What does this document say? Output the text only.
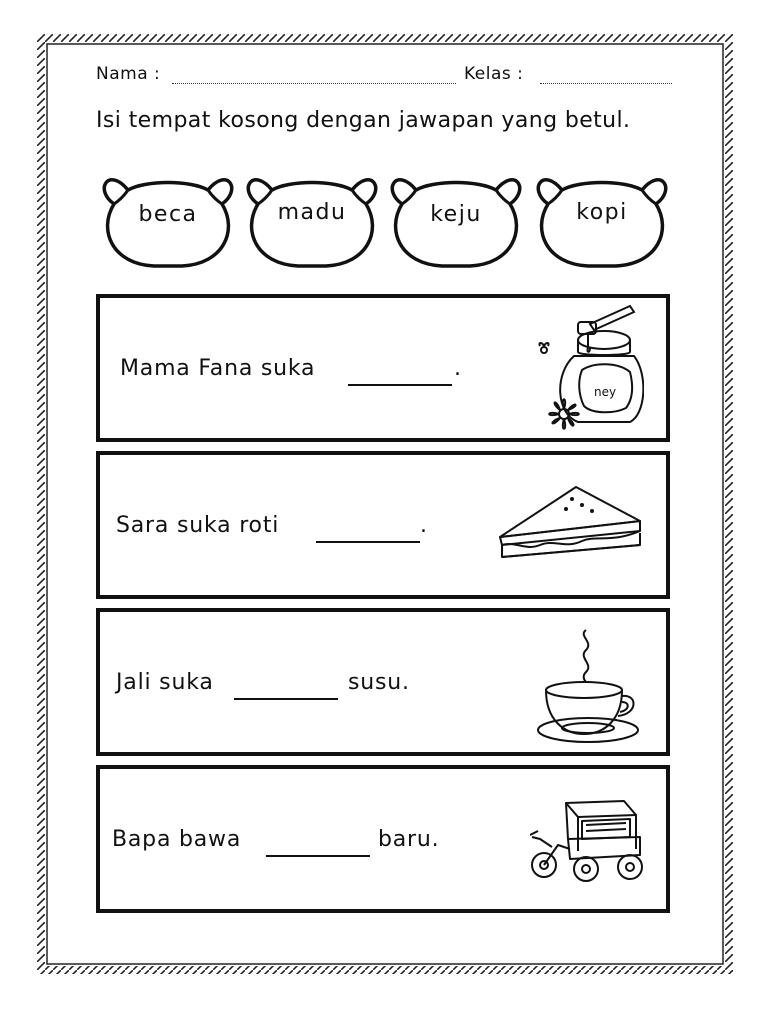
Nama :	Kelas :
Isi tempat kosong dengan jawapan yang betul.
beca	madu	keju	kopi
Mama Fana suka	.
ney
Sara suka roti	.
Jali suka	susu.
Bapa bawa	baru.
